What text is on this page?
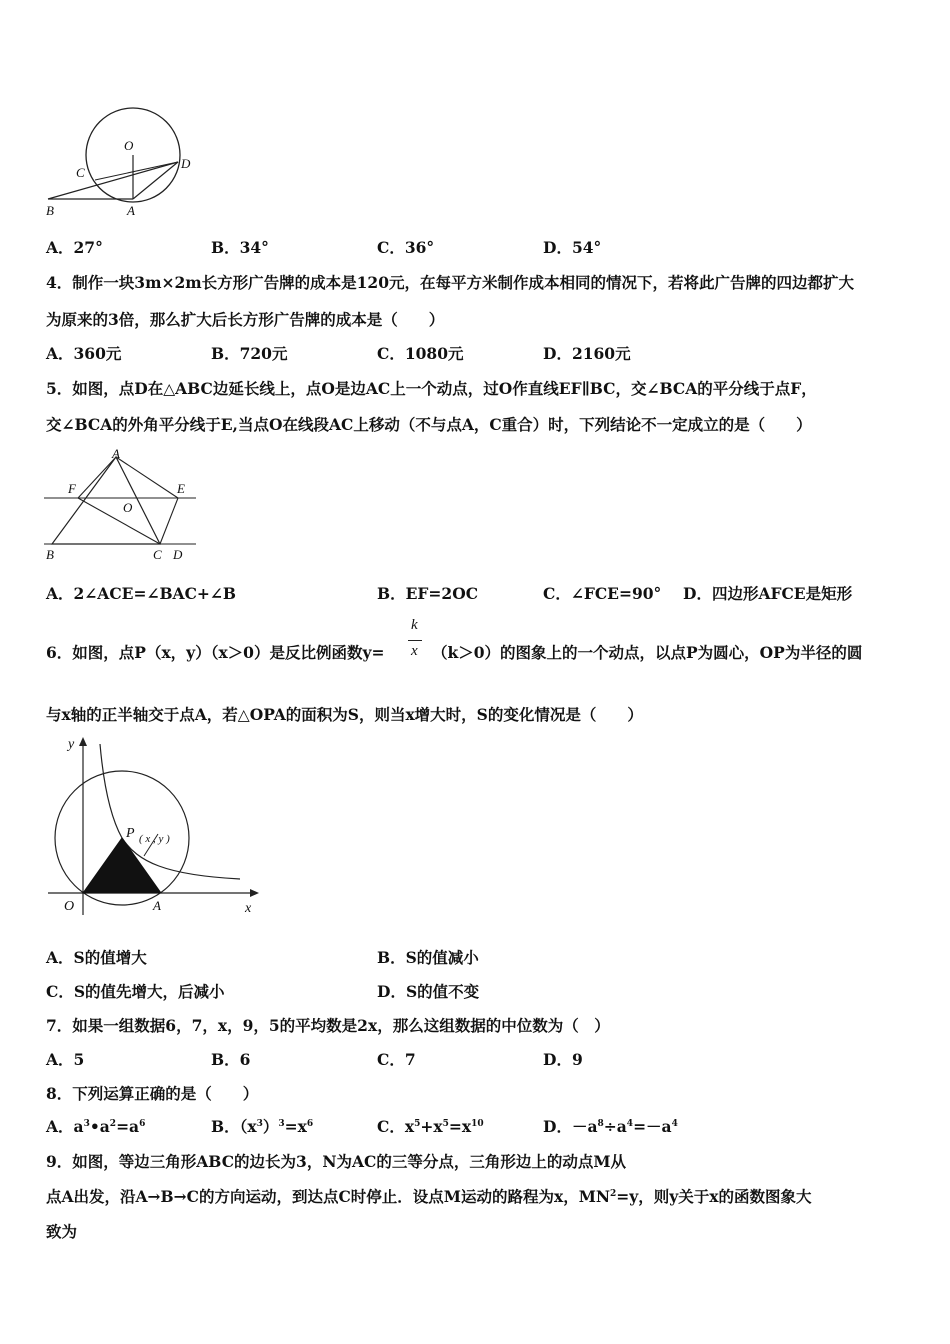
O
C
D
B	A
A．27°	B．34°	C．36°	D．54°
4．制作一块3m×2m长方形广告牌的成本是120元，在每平方米制作成本相同的情况下，若将此广告牌的四边都扩大
为原来的3倍，那么扩大后长方形广告牌的成本是（　　）
A．360元	B．720元	C．1080元	D．2160元
5．如图，点D在△ABC边延长线上，点O是边AC上一个动点，过O作直线EF∥BC，交∠BCA的平分线于点F，
交∠BCA的外角平分线于E,当点O在线段AC上移动（不与点A，C重合）时，下列结论不一定成立的是（　　）
A
F	E
O
B	C D
A．2∠ACE=∠BAC+∠B	B．EF=2OC	C．∠FCE=90° D．四边形AFCE是矩形
6．如图，点P（x，y）（x＞0）是反比例函数y=
k
x （k＞0）的图象上的一个动点，以点P为圆心，OP为半径的圆
与x轴的正半轴交于点A，若△OPA的面积为S，则当x增大时，S的变化情况是（　　）
y
P ( x , y )
O	A	x
A．S的值增大	B．S的值减小
C．S的值先增大，后减小	D．S的值不变
7．如果一组数据6，7，x，9，5的平均数是2x，那么这组数据的中位数为（　）
A．5	B．6	C．7	D．9
8．下列运算正确的是（　　）
A．$a^3•a^2=a^6$	B．$(x^3)^3=x^6$	C．$x^5+x^5=x^{10}$	D．$-a^8\div a^4=-a^4$
9．如图，等边三角形ABC的边长为3，N为AC的三等分点，三角形边上的动点M从
点A出发，沿A→B→C的方向运动，到达点C时停止．设点M运动的路程为x，$MN^2=y$，则y关于x的函数图象大
致为
